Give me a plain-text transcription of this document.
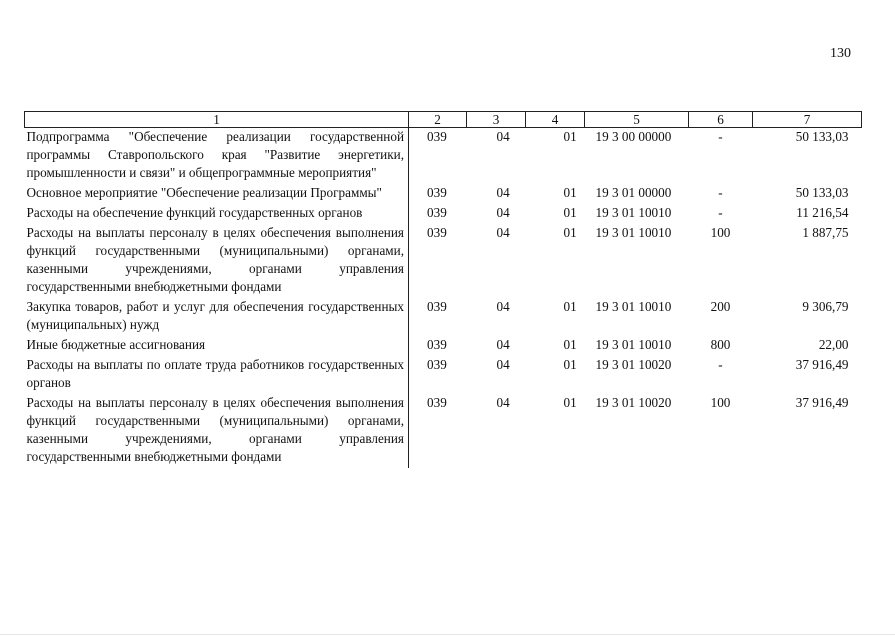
130
1	2	3	4	5	6	7
Подпрограмма "Обеспечение реализации государственной программы Ставропольского края "Развитие энергетики, промышленности и связи" и общепрограммные мероприятия"	039	04	01	19 3 00 00000	-	50 133,03
Основное мероприятие "Обеспечение реализации Программы"	039	04	01	19 3 01 00000	-	50 133,03
Расходы на обеспечение функций государственных органов	039	04	01	19 3 01 10010	-	11 216,54
Расходы на выплаты персоналу в целях обеспечения выполнения функций государственными (муниципальными) органами, казенными учреждениями, органами управления государственными внебюджетными фондами	039	04	01	19 3 01 10010	100	1 887,75
Закупка товаров, работ и услуг для обеспечения государственных (муниципальных) нужд	039	04	01	19 3 01 10010	200	9 306,79
Иные бюджетные ассигнования	039	04	01	19 3 01 10010	800	22,00
Расходы на выплаты по оплате труда работников государственных органов	039	04	01	19 3 01 10020	-	37 916,49
Расходы на выплаты персоналу в целях обеспечения выполнения функций государственными (муниципальными) органами, казенными учреждениями, органами управления государственными внебюджетными фондами	039	04	01	19 3 01 10020	100	37 916,49
